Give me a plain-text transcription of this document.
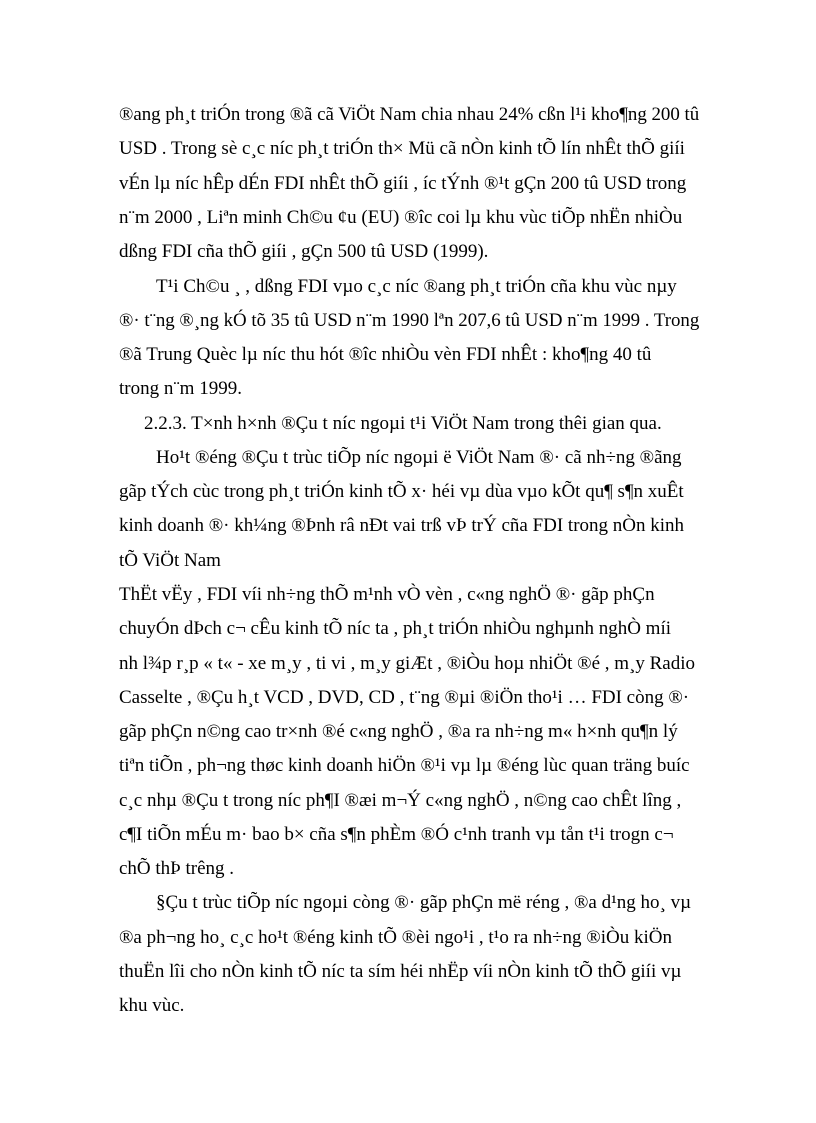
®ang ph¸t triÓn trong ®ã cã ViÖt Nam chia nhau 24% cßn l¹i kho¶ng 200 tû
USD . Trong sè c¸c níc ph¸t triÓn th× Mü cã nÒn kinh tÕ lín nhÊt thÕ giíi
vÉn lµ níc hÊp dÉn FDI nhÊt thÕ giíi , íc tÝnh ®¹t gÇn 200 tû USD trong
n¨m 2000 , Liªn minh Ch©u ¢u (EU) ®îc coi lµ khu vùc tiÕp nhËn nhiÒu
dßng FDI cña thÕ giíi , gÇn 500 tû USD (1999).
T¹i Ch©u ¸ , dßng FDI vµo c¸c níc ®ang ph¸t triÓn cña khu vùc nµy
®· t¨ng ®¸ng kÓ tõ 35 tû USD n¨m 1990 lªn 207,6 tû USD n¨m 1999 . Trong
®ã Trung Quèc lµ níc thu hót ®îc nhiÒu vèn FDI nhÊt : kho¶ng 40 tû
trong n¨m 1999.
2.2.3. T×nh h×nh ®Çu t níc ngoµi t¹i ViÖt Nam trong thêi gian qua.
Ho¹t ®éng ®Çu t trùc tiÕp níc ngoµi ë ViÖt Nam ®· cã nh÷ng ®ãng
gãp tÝch cùc trong ph¸t triÓn kinh tÕ x· héi vµ dùa vµo kÕt qu¶ s¶n xuÊt
kinh doanh ®· kh¼ng ®Þnh râ nÐt vai trß vÞ trÝ cña FDI trong nÒn kinh
tÕ ViÖt Nam
ThËt vËy , FDI víi nh÷ng thÕ m¹nh vÒ vèn , c«ng nghÖ ®· gãp phÇn
chuyÓn dÞch c¬ cÊu kinh tÕ níc ta , ph¸t triÓn nhiÒu nghµnh nghÒ míi
nh l¾p r¸p « t« - xe m¸y , ti vi , m¸y giÆt , ®iÒu hoµ nhiÖt ®é , m¸y Radio
Casselte , ®Çu h¸t VCD , DVD, CD , t¨ng ®µi ®iÖn tho¹i … FDI còng ®·
gãp phÇn n©ng cao tr×nh ®é c«ng nghÖ , ®a ra nh÷ng m« h×nh qu¶n lý
tiªn tiÕn , ph¬ng thøc kinh doanh hiÖn ®¹i vµ lµ ®éng lùc quan träng buíc
c¸c nhµ ®Çu t trong níc ph¶I ®æi m¬Ý c«ng nghÖ , n©ng cao chÊt lîng ,
c¶I tiÕn mÉu m· bao b× cña s¶n phÈm ®Ó c¹nh tranh vµ tån t¹i trogn c¬
chÕ thÞ trêng .
§Çu t trùc tiÕp níc ngoµi còng ®· gãp phÇn më réng , ®a d¹ng ho¸ vµ
®a ph¬ng ho¸ c¸c ho¹t ®éng kinh tÕ ®èi ngo¹i , t¹o ra nh÷ng ®iÒu kiÖn
thuËn lîi cho nÒn kinh tÕ níc ta sím héi nhËp víi nÒn kinh tÕ thÕ giíi vµ
khu vùc.
